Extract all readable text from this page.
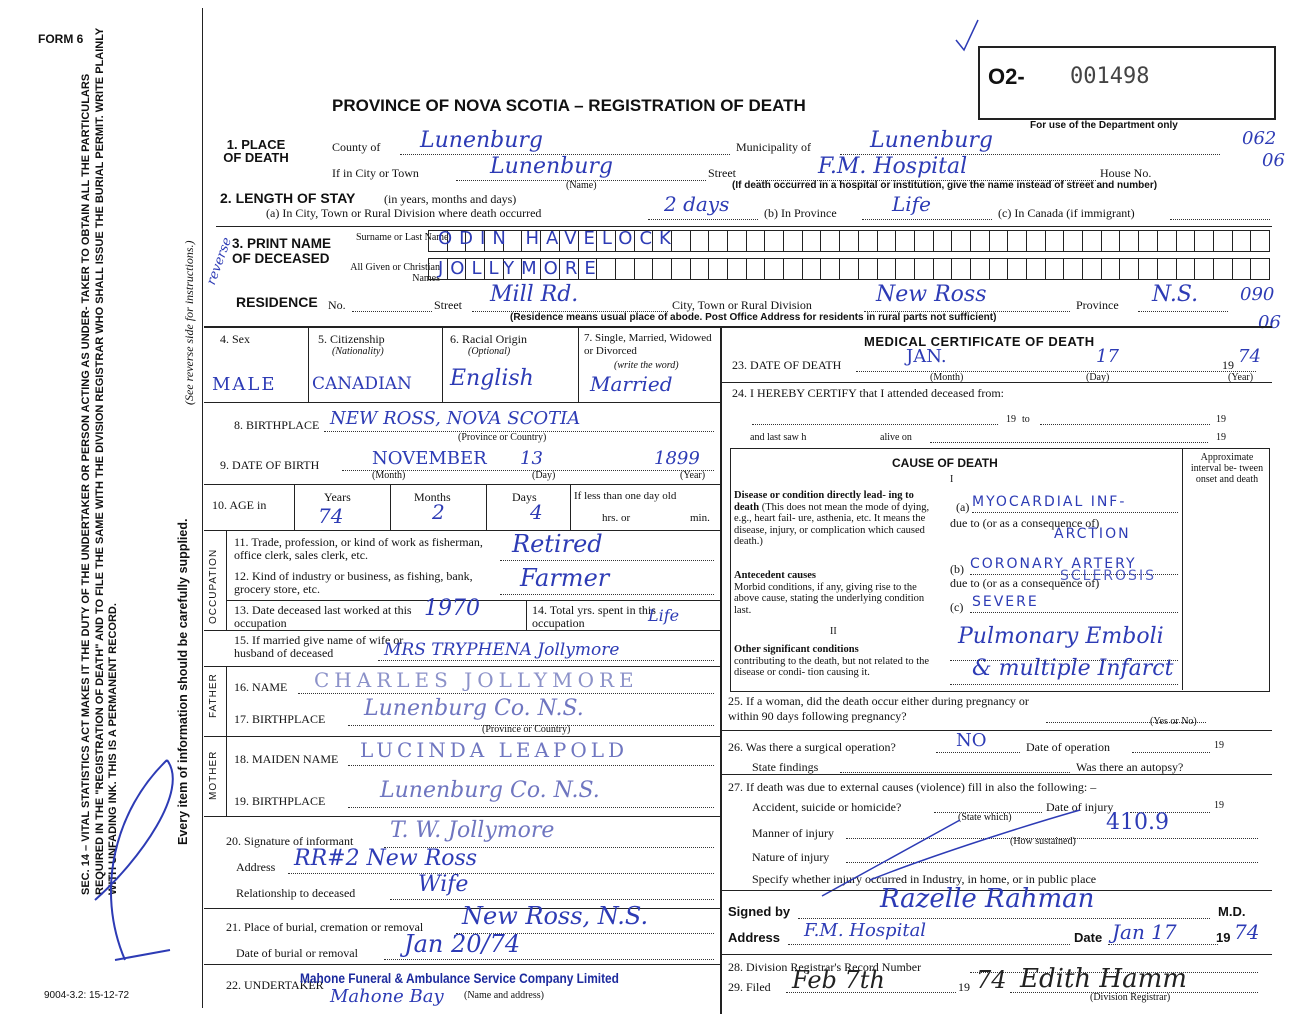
FORM 6
SEC. 14 – VITAL STATISTICS ACT MAKES IT THE DUTY OF THE UNDERTAKER OR PERSON ACTING AS UNDER- TAKER TO OBTAIN ALL THE PARTICULARS REQUIRED IN THE "REGISTRATION OF DEATH" AND TO FILE THE SAME WITH THE DIVISION REGISTRAR WHO SHALL ISSUE THE BURIAL PERMIT. WRITE PLAINLY WITH UNFADING INK. THIS IS A PERMANENT RECORD.	Every item of information should be carefully supplied.
(See reverse side for instructions.)
9004-3.2: 15-12-72
PROVINCE OF NOVA SCOTIA – REGISTRATION OF DEATH
O2- 001498
For use of the Department only
062
06
1. PLACE OF DEATH
County of Lunenburg	Municipality of	Lunenburg
If in City or Town	Lunenburg
(Name)
Street	F.M. Hospital	House No.
(If death occurred in a hospital or institution, give the name instead of street and number)
2. LENGTH OF STAY (in years, months and days)
(a) In City, Town or Rural Division where death occurred	2 days	(b) In Province	Life	(c) In Canada (if immigrant)
3. PRINT NAME OF DECEASED
Surname or Last Name
All Given or Christian Names
reverse	ODIN HAVELOCK
JOLLYMORE
RESIDENCE No.	Street Mill Rd.	City, Town or Rural Division	New Ross	Province N.S. 090
06
(Residence means usual place of abode. Post Office Address for residents in rural parts not sufficient)
4. Sex	5. Citizenship
(Nationality)
6. Racial Origin
(Optional)
7. Single, Married, Widowed or Divorced
(write the word)
MALE CANADIAN English	Married
8. BIRTHPLACE NEW ROSS, NOVA SCOTIA
(Province or Country)
9. DATE OF BIRTH	NOVEMBER 13	1899
(Month)	(Day)	(Year)
10. AGE in
Years	Months	Days	If less than one day old
hrs. or	min.
74	2	4
OCCUPATION
11. Trade, profession, or kind of work as fisherman, office clerk, sales clerk, etc.	Retired
12. Kind of industry or business, as fishing, bank, grocery store, etc.	Farmer
13. Date deceased last worked at this occupation
1970	14. Total yrs. spent in this occupation	Life
15. If married give name of wife or husband of deceased	MRS TRYPHENA Jollymore
FATHER 16. NAME CHARLES JOLLYMORE
17. BIRTHPLACE Lunenburg Co. N.S.
(Province or Country)
MOTHER 18. MAIDEN NAME LUCINDA LEAPOLD
19. BIRTHPLACE Lunenburg Co. N.S.
20. Signature of informant T. W. Jollymore
Address RR#2 New Ross
Relationship to deceased	Wife
21. Place of burial, cremation or removal New Ross, N.S.
Date of burial or removal Jan 20/74
22. UNDERTAKER
Mahone Funeral & Ambulance Service Company Limited
Mahone Bay (Name and address)
MEDICAL CERTIFICATE OF DEATH
23. DATE OF DEATH	JAN.	17	19 74
(Month)	(Day)	(Year)
24. I HEREBY CERTIFY that I attended deceased from:
19 to	19
and last saw h	alive on	19
CAUSE OF DEATH
I
Approximate interval be- tween onset and death
Disease or condition directly lead- ing to death (This does not mean the mode of dying, e.g., heart fail- ure, asthenia, etc. It means the disease, injury, or complication which caused death.)
(a) MYOCARDIAL INF-
due to (or as a consequence of)
ARCTION
Antecedent causes
Morbid conditions, if any, giving rise to the above cause, stating the underlying condition last.
(b) CORONARY ARTERY
due to (or as a consequence of)
SCLEROSIS
(c) SEVERE
II
Other significant conditions
contributing to the death, but not related to the disease or condi- tion causing it.
Pulmonary Emboli
& multiple Infarct
25. If a woman, did the death occur either during pregnancy or within 90 days following pregnancy?	(Yes or No)
26. Was there a surgical operation?	NO	Date of operation	19
State findings	Was there an autopsy?
27. If death was due to external causes (violence) fill in also the following: –
Accident, suicide or homicide?	Date of injury	19
(State which)
Manner of injury	410.9
(How sustained)
Nature of injury
Specify whether injury occurred in Industry, in home, or in public place
Signed by	Razelle Rahman	M.D.
Address F.M. Hospital	Date Jan 17	19 74
28. Division Registrar's Record Number
29. Filed Feb 7th	19 74 Edith Hamm
(Division Registrar)
